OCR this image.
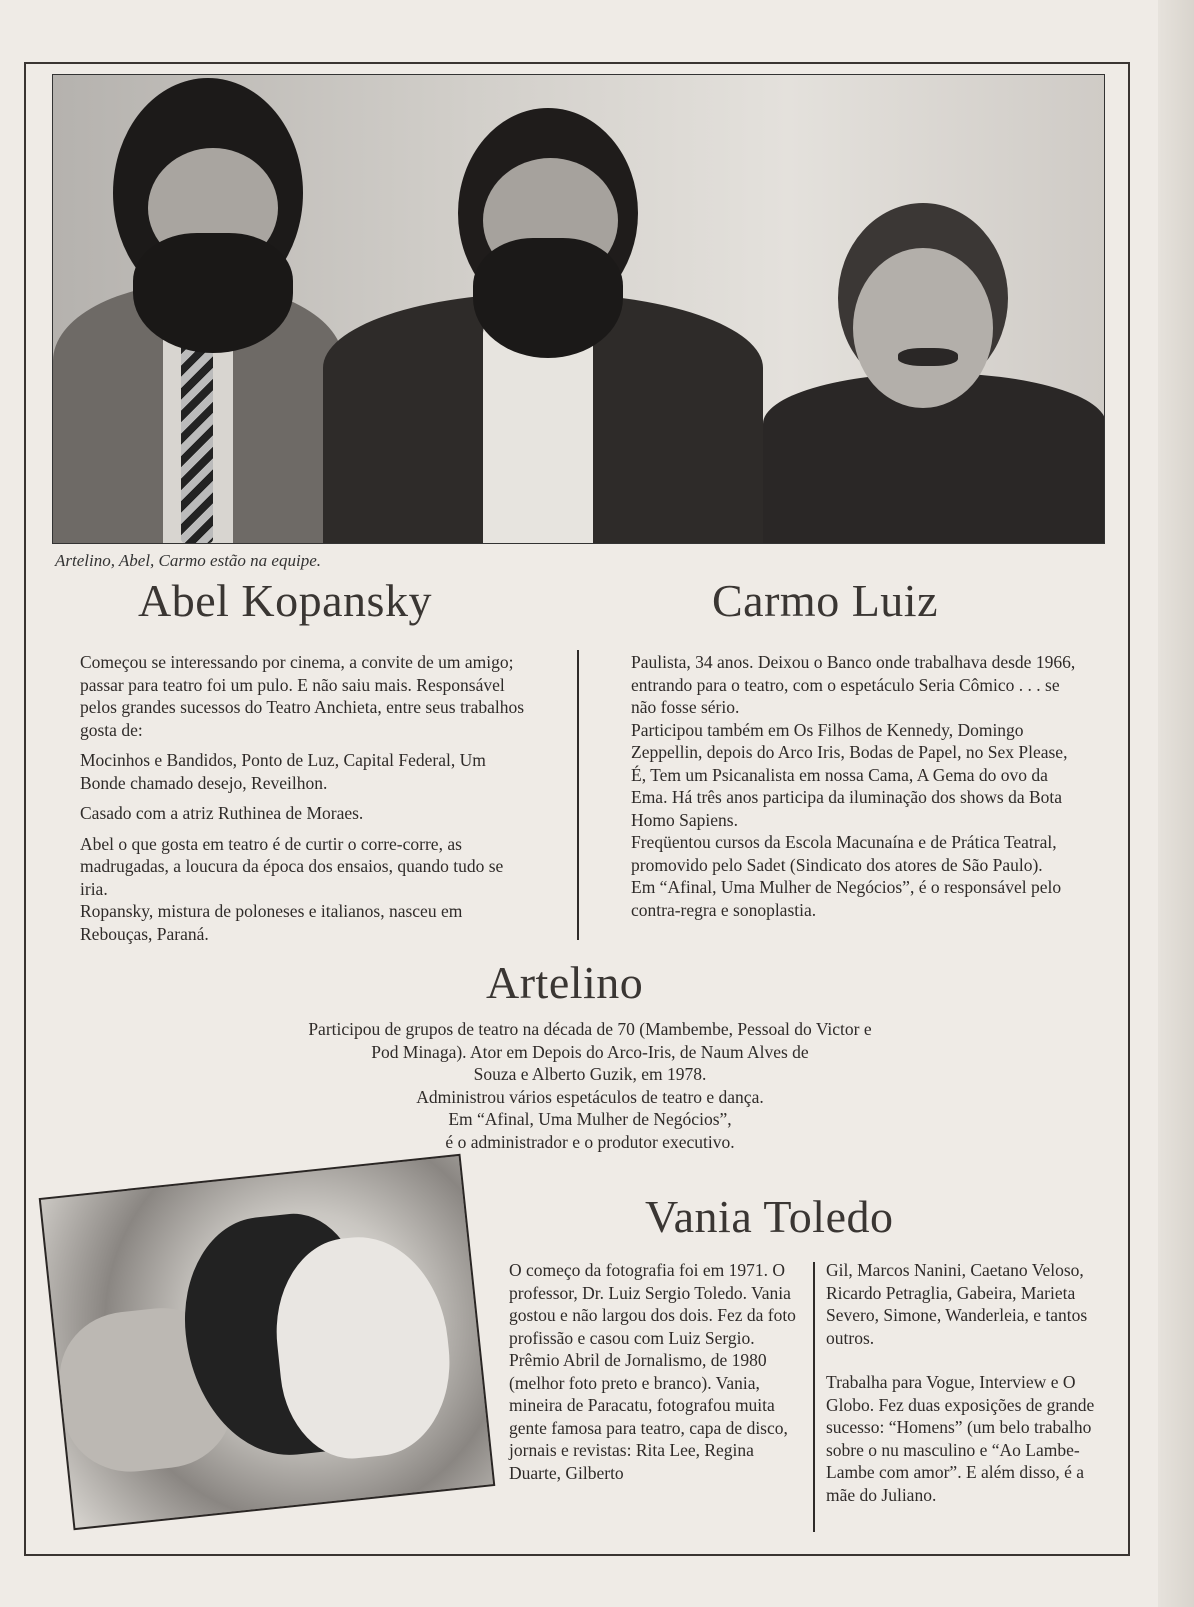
Artelino, Abel, Carmo estão na equipe.
Abel Kopansky

Começou se interessando por cinema, a convite de um amigo; passar para teatro foi um pulo. E não saiu mais. Responsável pelos grandes sucessos do Teatro Anchieta, entre seus trabalhos gosta de:

Mocinhos e Bandidos, Ponto de Luz, Capital Federal, Um Bonde chamado desejo, Reveilhon.

Casado com a atriz Ruthinea de Moraes.

Abel o que gosta em teatro é de curtir o corre-corre, as madrugadas, a loucura da época dos ensaios, quando tudo se iria.

Ropansky, mistura de poloneses e italianos, nasceu em Rebouças, Paraná.

Carmo Luiz

Paulista, 34 anos. Deixou o Banco onde trabalhava desde 1966, entrando para o teatro, com o espetáculo Seria Cômico . . . se não fosse sério.

Participou também em Os Filhos de Kennedy, Domingo Zeppellin, depois do Arco Iris, Bodas de Papel, no Sex Please, É, Tem um Psicanalista em nossa Cama, A Gema do ovo da Ema. Há três anos participa da iluminação dos shows da Bota Homo Sapiens.

Freqüentou cursos da Escola Macunaína e de Prática Teatral, promovido pelo Sadet (Sindicato dos atores de São Paulo).

Em “Afinal, Uma Mulher de Negócios”, é o responsável pelo contra-regra e sonoplastia.

Artelino
Participou de grupos de teatro na década de 70 (Mambembe, Pessoal do Victor e
Pod Minaga). Ator em Depois do Arco-Iris, de Naum Alves de
Souza e Alberto Guzik, em 1978.
Administrou vários espetáculos de teatro e dança.
Em “Afinal, Uma Mulher de Negócios”,
é o administrador e o produtor executivo.
Vania Toledo

O começo da fotografia foi em 1971. O professor, Dr. Luiz Sergio Toledo. Vania gostou e não largou dos dois. Fez da foto profissão e casou com Luiz Sergio. Prêmio Abril de Jornalismo, de 1980 (melhor foto preto e branco). Vania, mineira de Paracatu, fotografou muita gente famosa para teatro, capa de disco, jornais e revistas: Rita Lee, Regina Duarte, Gilberto

Gil, Marcos Nanini, Caetano Veloso, Ricardo Petraglia, Gabeira, Marieta Severo, Simone, Wanderleia, e tantos outros.

Trabalha para Vogue, Interview e O Globo. Fez duas exposições de grande sucesso: “Homens” (um belo trabalho sobre o nu masculino e “Ao Lambe-Lambe com amor”. E além disso, é a mãe do Juliano.
